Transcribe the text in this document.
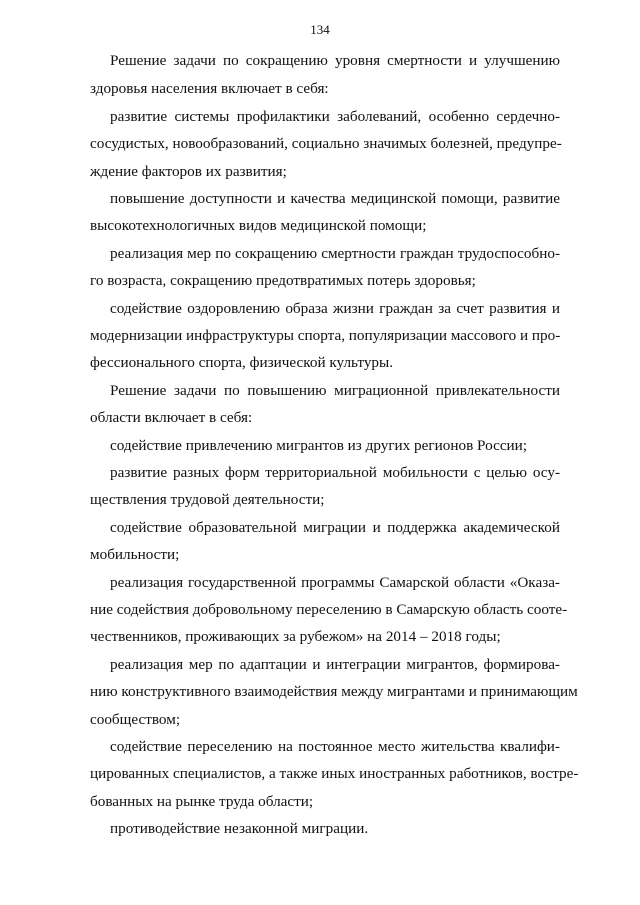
134
Решение задачи по сокращению уровня смертности и улучшению
здоровья населения включает в себя:
развитие системы профилактики заболеваний, особенно сердечно-
сосудистых, новообразований, социально значимых болезней, предупре-
ждение факторов их развития;
повышение доступности и качества медицинской помощи, развитие
высокотехнологичных видов медицинской помощи;
реализация мер по сокращению смертности граждан трудоспособно-
го возраста, сокращению предотвратимых потерь здоровья;
содействие оздоровлению образа жизни граждан за счет развития и
модернизации инфраструктуры спорта, популяризации массового и про-
фессионального спорта, физической культуры.
Решение задачи по повышению миграционной привлекательности
области включает в себя:
содействие привлечению мигрантов из других регионов России;
развитие разных форм территориальной мобильности с целью осу-
ществления трудовой деятельности;
содействие образовательной миграции и поддержка академической
мобильности;
реализация государственной программы Самарской области «Оказа-
ние содействия добровольному переселению в Самарскую область сооте-
чественников, проживающих за рубежом» на 2014 – 2018 годы;
реализация мер по адаптации и интеграции мигрантов, формирова-
нию конструктивного взаимодействия между мигрантами и принимающим
сообществом;
содействие переселению на постоянное место жительства квалифи-
цированных специалистов, а также иных иностранных работников, востре-
бованных на рынке труда области;
противодействие незаконной миграции.
